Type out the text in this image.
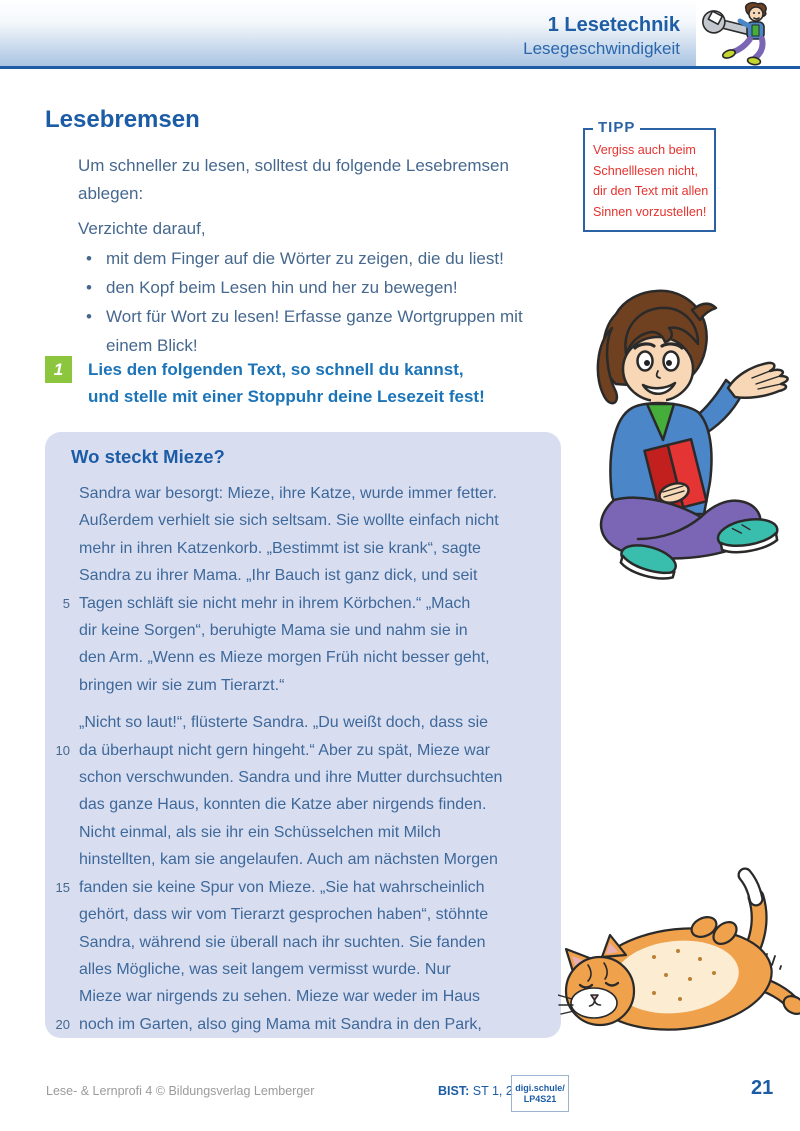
1 Lesetechnik
Lesegeschwindigkeit
Lesebremsen

Um schneller zu lesen, solltest du folgende Lesebremsen ablegen:

Verzichte darauf,

• mit dem Finger auf die Wörter zu zeigen, die du liest!
• den Kopf beim Lesen hin und her zu bewegen!
• Wort für Wort zu lesen! Erfasse ganze Wortgruppen mit einem Blick!
1	Lies den folgenden Text, so schnell du kannst,
und stelle mit einer Stoppuhr deine Lesezeit fest!
Wo steckt Mieze?
Sandra war besorgt: Mieze, ihre Katze, wurde immer fetter.
Außerdem verhielt sie sich seltsam. Sie wollte einfach nicht
mehr in ihren Katzenkorb. „Bestimmt ist sie krank“, sagte
Sandra zu ihrer Mama. „Ihr Bauch ist ganz dick, und seit
5 Tagen schläft sie nicht mehr in ihrem Körbchen.“ „Mach
dir keine Sorgen“, beruhigte Mama sie und nahm sie in
den Arm. „Wenn es Mieze morgen Früh nicht besser geht,
bringen wir sie zum Tierarzt.“
„Nicht so laut!“, flüsterte Sandra. „Du weißt doch, dass sie
10 da überhaupt nicht gern hingeht.“ Aber zu spät, Mieze war
schon verschwunden. Sandra und ihre Mutter durchsuchten
das ganze Haus, konnten die Katze aber nirgends finden.
Nicht einmal, als sie ihr ein Schüsselchen mit Milch
hinstellten, kam sie angelaufen. Auch am nächsten Morgen
15 fanden sie keine Spur von Mieze. „Sie hat wahrscheinlich
gehört, dass wir vom Tierarzt gesprochen haben“, stöhnte
Sandra, während sie überall nach ihr suchten. Sie fanden
alles Mögliche, was seit langem vermisst wurde. Nur
Mieze war nirgends zu sehen. Mieze war weder im Haus
20 noch im Garten, also ging Mama mit Sandra in den Park,
TIPP
Vergiss auch beim
Schnelllesen nicht,
dir den Text mit allen
Sinnen vorzustellen!
Lese- & Lernprofi 4 © Bildungsverlag Lemberger	BIST: ST 1, 2 digi.schule/
LP4S21	21
